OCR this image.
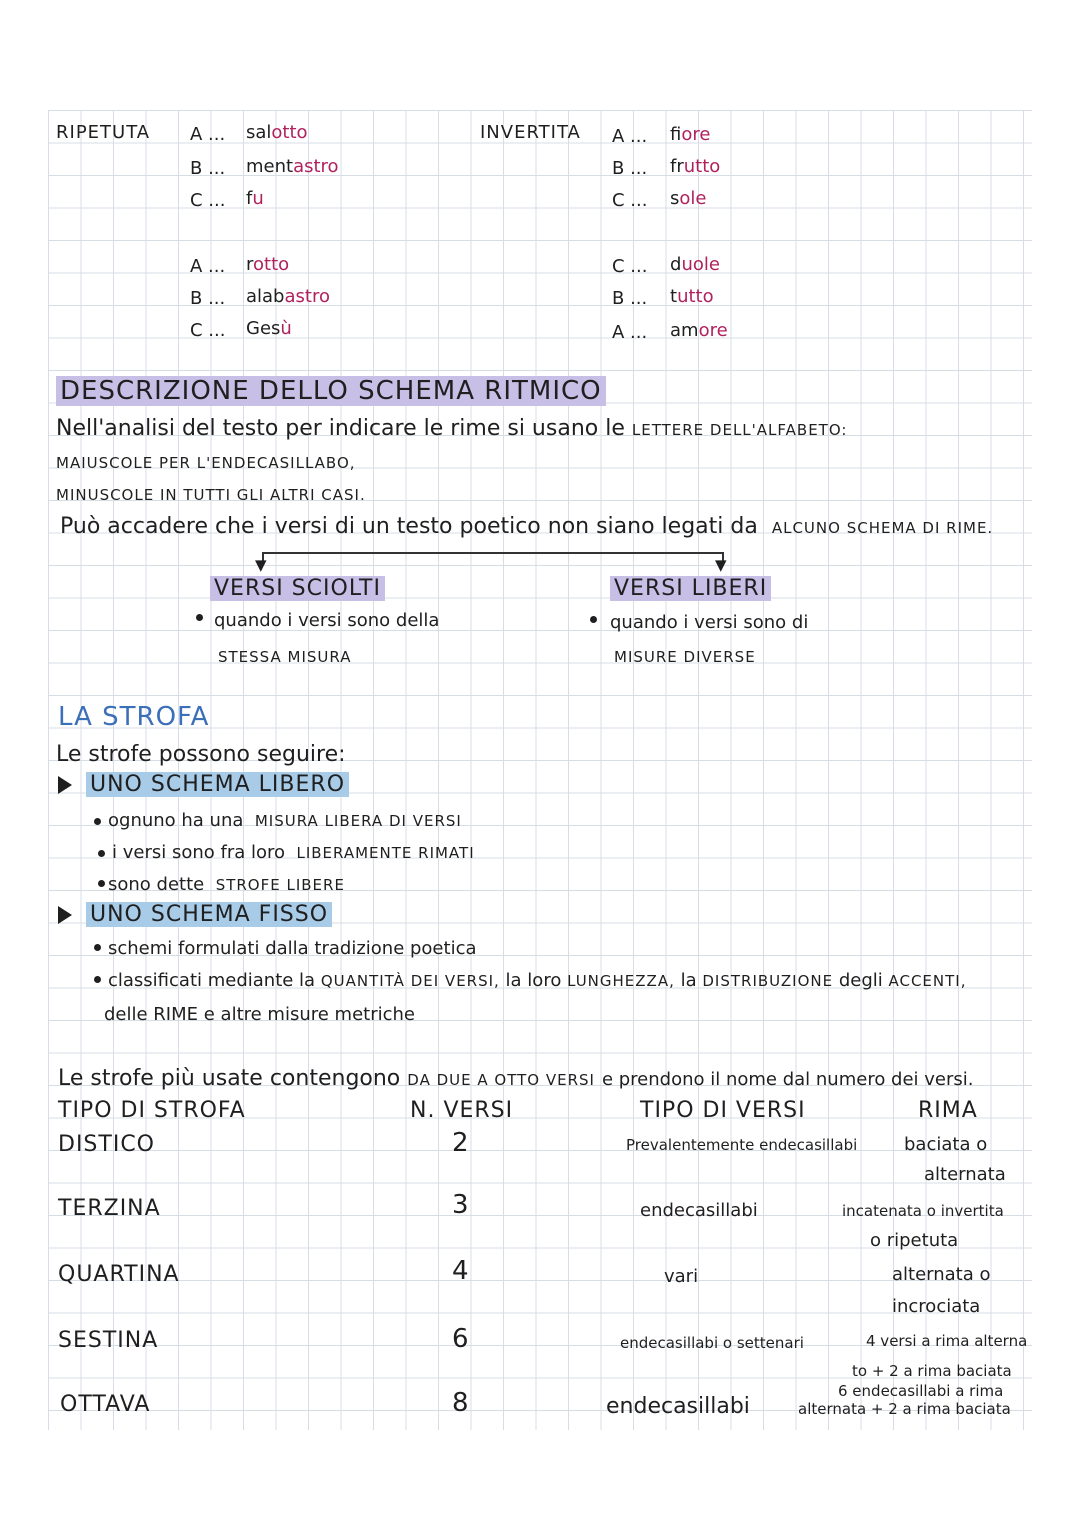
RIPETUTA A ... salotto
B ... mentastro
C ... fu
A ... rotto
B ... alabastro
C ... Gesù
INVERTITA A ... fiore
B ... frutto
C ... sole
C ... duole
B ... tutto
A ... amore
DESCRIZIONE DELLO SCHEMA RITMICO
Nell'analisi del testo per indicare le rime si usano le LETTERE DELL'ALFABETO:
MAIUSCOLE PER L'ENDECASILLABO,
MINUSCOLE IN TUTTI GLI ALTRI CASI.
Può accadere che i versi di un testo poetico non siano legati da ALCUNO SCHEMA DI RIME.
▼	▼
VERSI SCIOLTI
quando i versi sono della
STESSA MISURA
VERSI LIBERI
quando i versi sono di
MISURE DIVERSE
LA STROFA
Le strofe possono seguire:
UNO SCHEMA LIBERO
ognuno ha una MISURA LIBERA DI VERSI
i versi sono fra loro LIBERAMENTE RIMATI
sono dette STROFE LIBERE
UNO SCHEMA FISSO
schemi formulati dalla tradizione poetica
classificati mediante la QUANTITÀ DEI VERSI, la loro LUNGHEZZA, la DISTRIBUZIONE degli ACCENTI,
delle RIME e altre misure metriche
Le strofe più usate contengono DA DUE A OTTO VERSI e prendono il nome dal numero dei versi.
TIPO DI STROFA	N. VERSI	TIPO DI VERSI	RIMA
DISTICO	2	Prevalentemente endecasillabi	baciata o
alternata
TERZINA	3	endecasillabi	incatenata o invertita
o ripetuta
QUARTINA	4	vari	alternata o
incrociata
SESTINA	6	endecasillabi o settenari	4 versi a rima alterna
to + 2 a rima baciata
OTTAVA	8	endecasillabi
6 endecasillabi a rima
alternata + 2 a rima baciata
